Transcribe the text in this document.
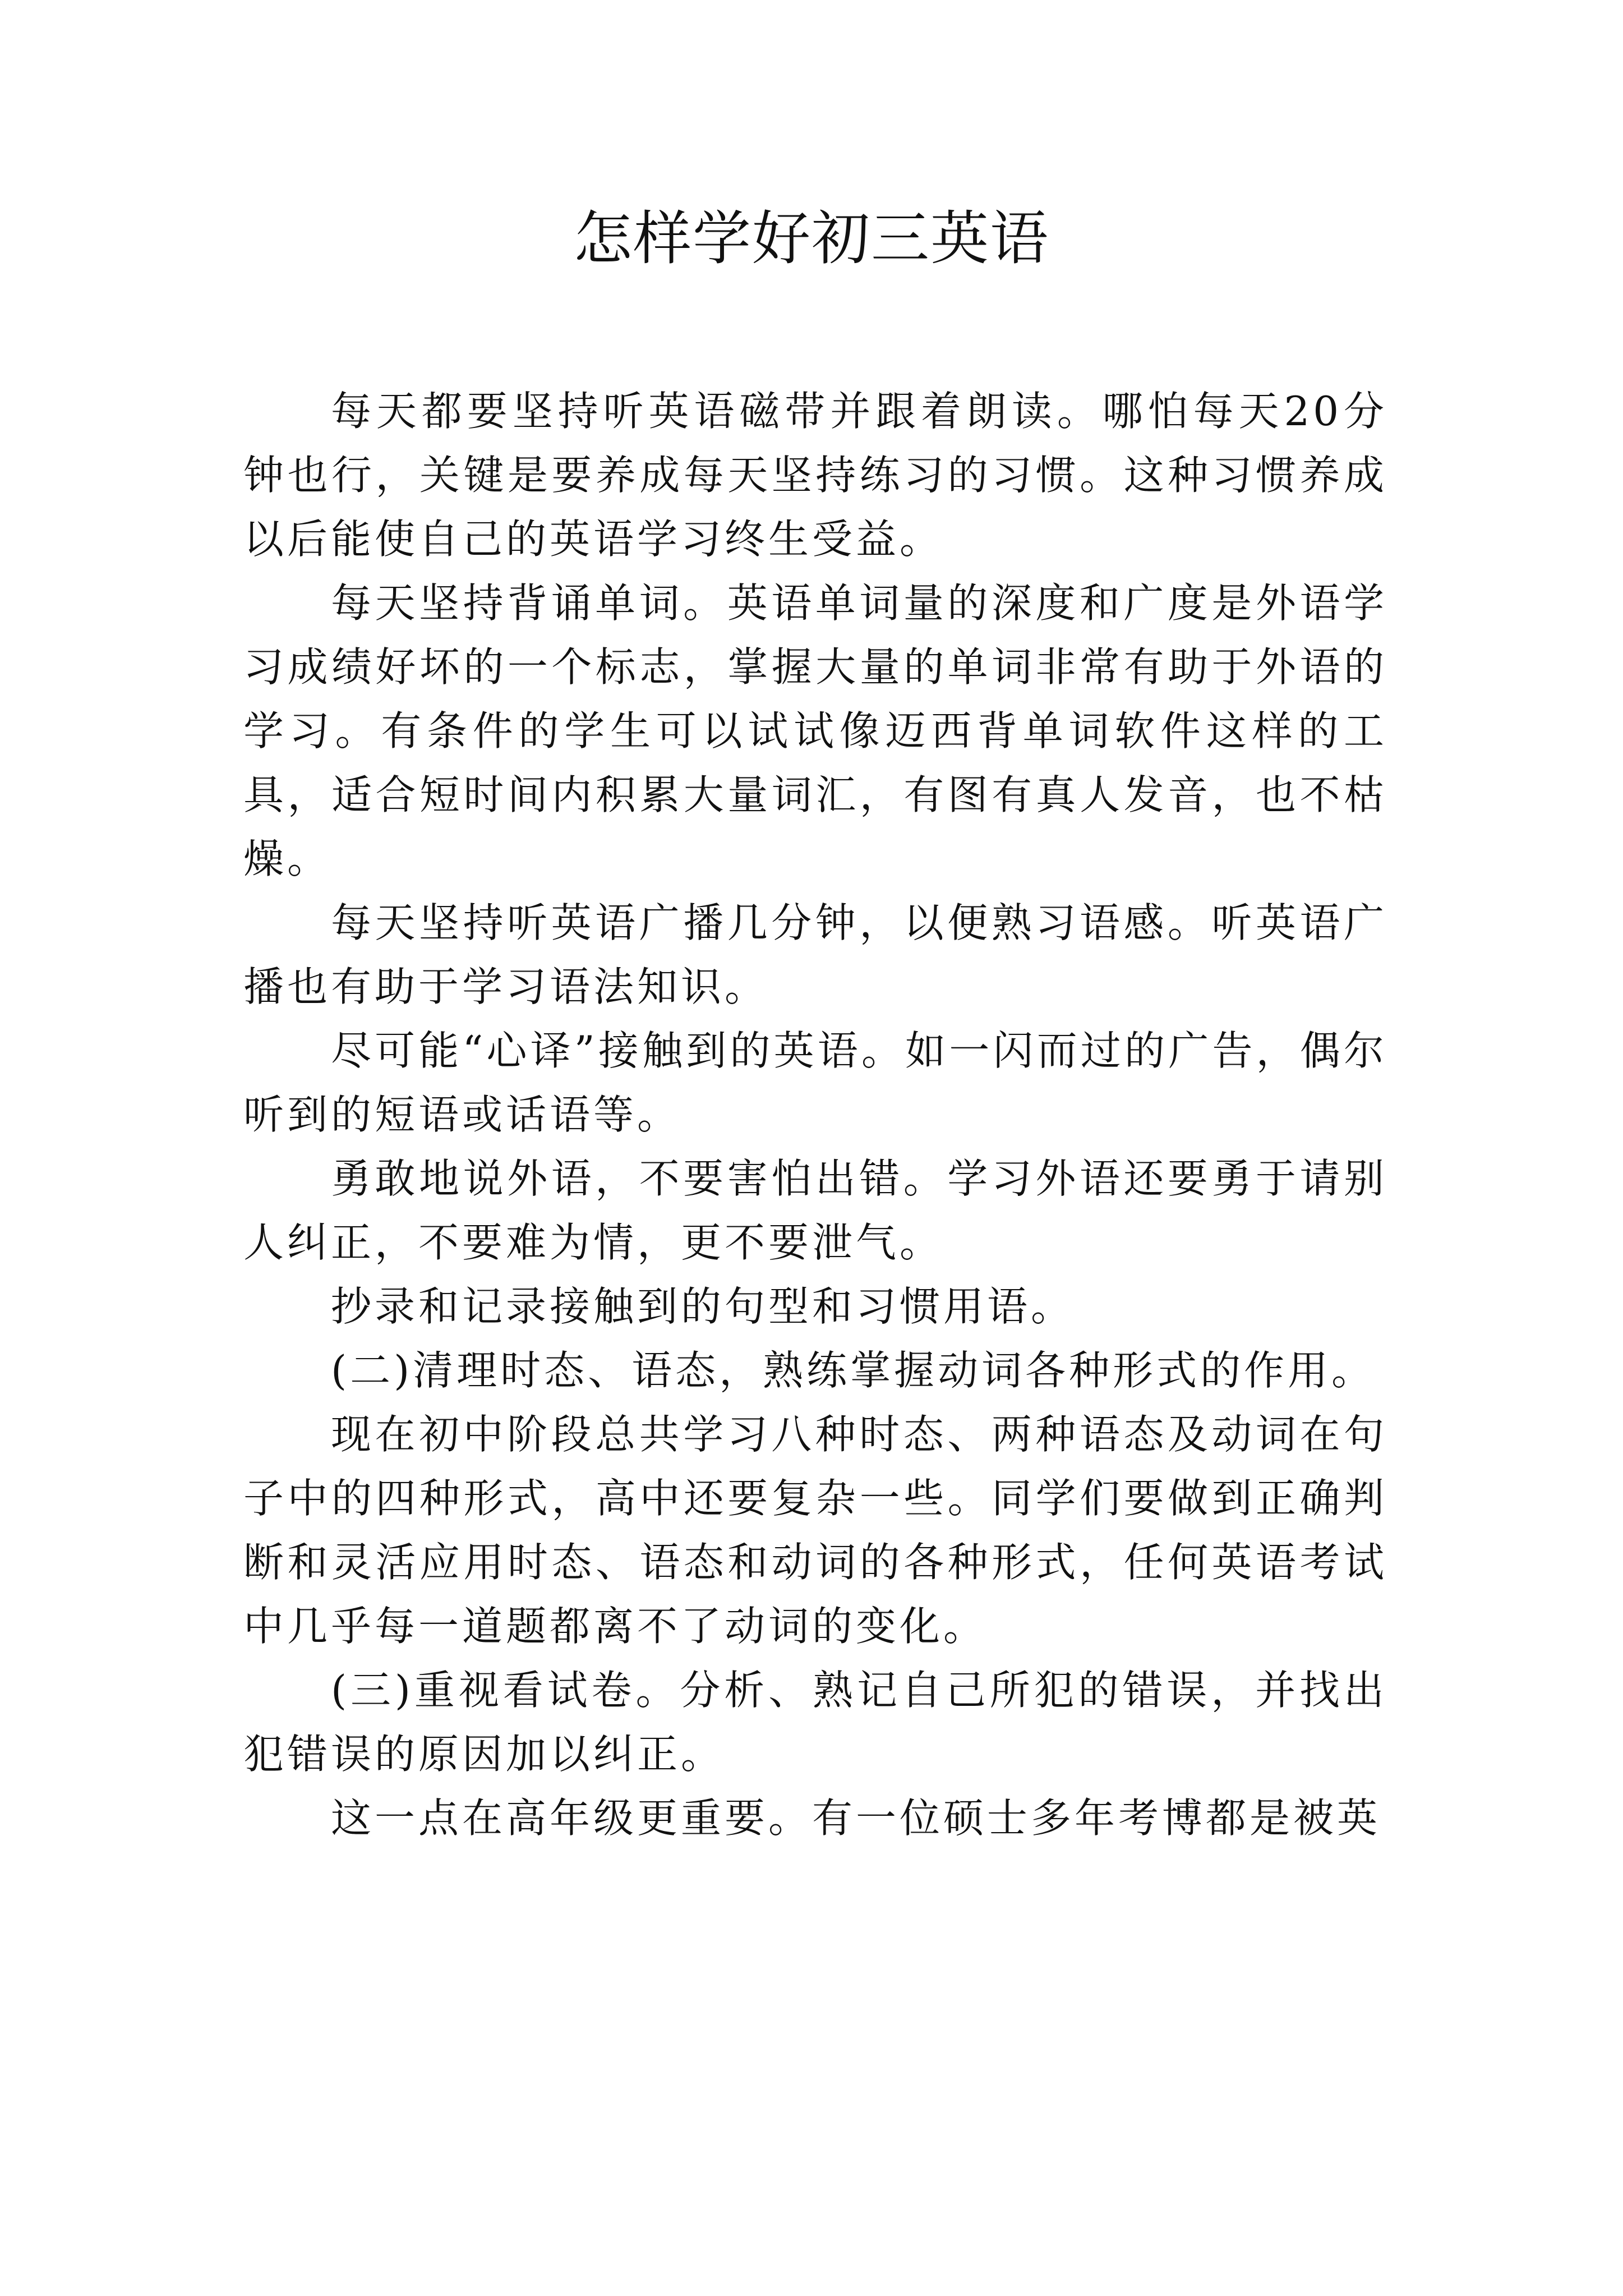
怎样学好初三英语

每天都要坚持听英语磁带并跟着朗读。哪怕每天20分钟也行，关键是要养成每天坚持练习的习惯。这种习惯养成以后能使自己的英语学习终生受益。

每天坚持背诵单词。英语单词量的深度和广度是外语学习成绩好坏的一个标志，掌握大量的单词非常有助于外语的学习。有条件的学生可以试试像迈西背单词软件这样的工具，适合短时间内积累大量词汇，有图有真人发音，也不枯燥。

每天坚持听英语广播几分钟，以便熟习语感。听英语广播也有助于学习语法知识。

尽可能“心译”接触到的英语。如一闪而过的广告，偶尔听到的短语或话语等。

勇敢地说外语，不要害怕出错。学习外语还要勇于请别人纠正，不要难为情，更不要泄气。

抄录和记录接触到的句型和习惯用语。

(二)清理时态、语态，熟练掌握动词各种形式的作用。

现在初中阶段总共学习八种时态、两种语态及动词在句子中的四种形式，高中还要复杂一些。同学们要做到正确判断和灵活应用时态、语态和动词的各种形式，任何英语考试中几乎每一道题都离不了动词的变化。

(三)重视看试卷。分析、熟记自己所犯的错误，并找出犯错误的原因加以纠正。

这一点在高年级更重要。有一位硕士多年考博都是被英
